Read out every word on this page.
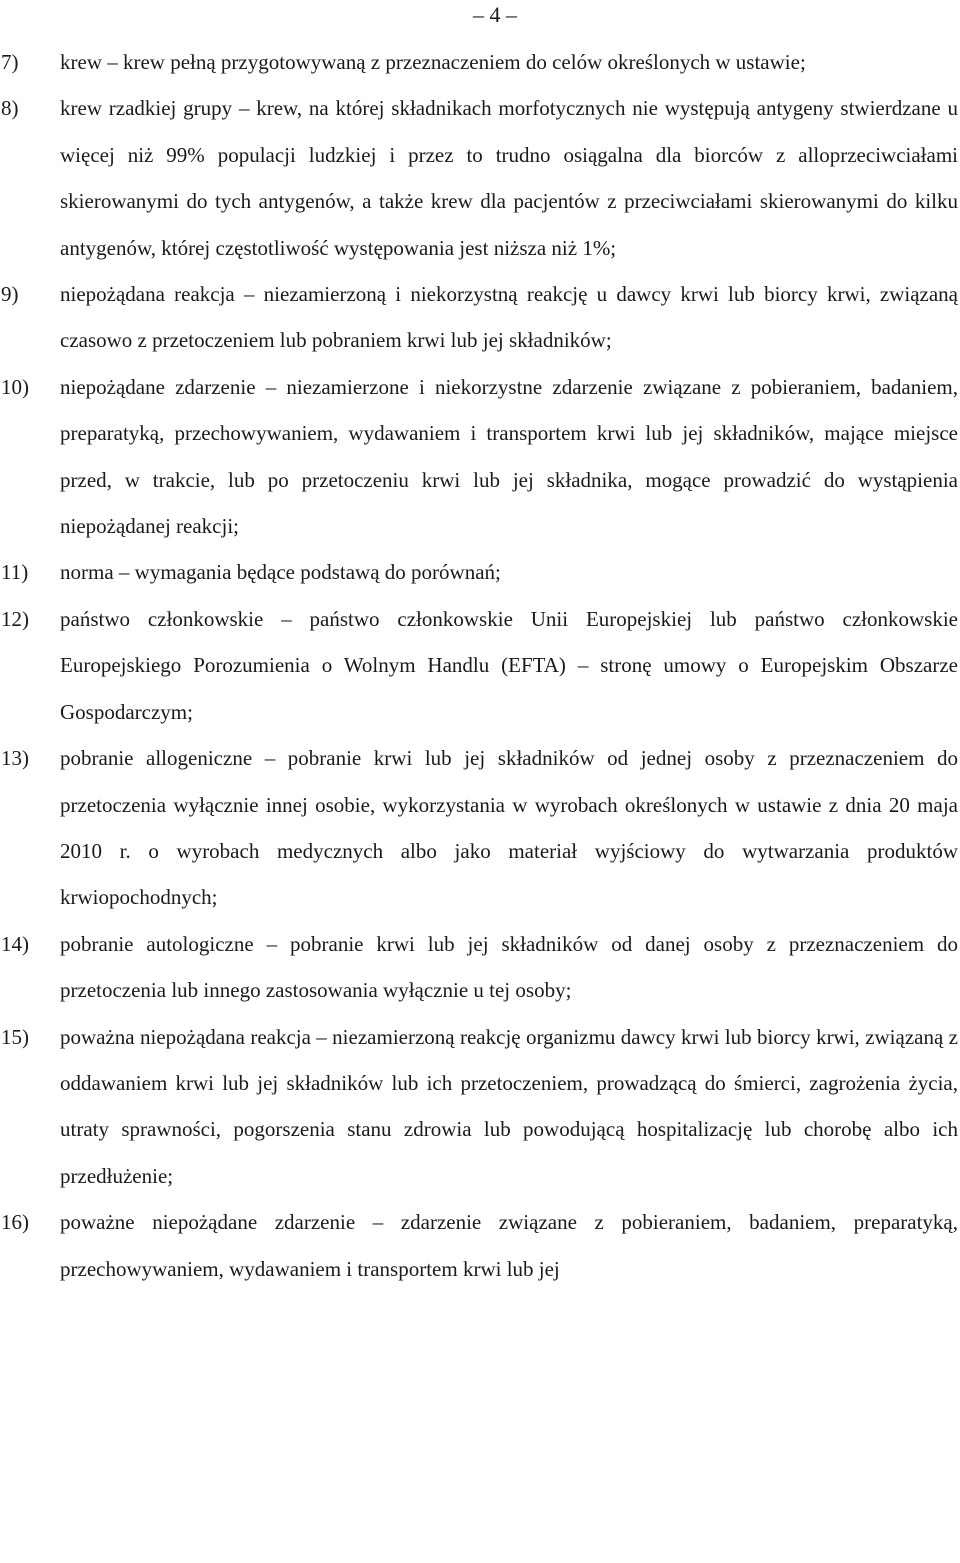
– 4 –
7)	krew – krew pełną przygotowywaną z przeznaczeniem do celów określonych w ustawie;
8)	krew rzadkiej grupy – krew, na której składnikach morfotycznych nie występują antygeny stwierdzane u więcej niż 99% populacji ludzkiej i przez to trudno osiągalna dla biorców z alloprzeciwciałami skierowanymi do tych antygenów, a także krew dla pacjentów z przeciwciałami skierowanymi do kilku antygenów, której częstotliwość występowania jest niższa niż 1%;
9)	niepożądana reakcja – niezamierzoną i niekorzystną reakcję u dawcy krwi lub biorcy krwi, związaną czasowo z przetoczeniem lub pobraniem krwi lub jej składników;
10)	niepożądane zdarzenie – niezamierzone i niekorzystne zdarzenie związane z pobieraniem, badaniem, preparatyką, przechowywaniem, wydawaniem i transportem krwi lub jej składników, mające miejsce przed, w trakcie, lub po przetoczeniu krwi lub jej składnika, mogące prowadzić do wystąpienia niepożądanej reakcji;
11)	norma – wymagania będące podstawą do porównań;
12)	państwo członkowskie – państwo członkowskie Unii Europejskiej lub państwo członkowskie Europejskiego Porozumienia o Wolnym Handlu (EFTA) – stronę umowy o Europejskim Obszarze Gospodarczym;
13)	pobranie allogeniczne – pobranie krwi lub jej składników od jednej osoby z przeznaczeniem do przetoczenia wyłącznie innej osobie, wykorzystania w wyrobach określonych w ustawie z dnia 20 maja 2010 r. o wyrobach medycznych albo jako materiał wyjściowy do wytwarzania produktów krwiopochodnych;
14)	pobranie autologiczne – pobranie krwi lub jej składników od danej osoby z przeznaczeniem do przetoczenia lub innego zastosowania wyłącznie u tej osoby;
15)	poważna niepożądana reakcja – niezamierzoną reakcję organizmu dawcy krwi lub biorcy krwi, związaną z oddawaniem krwi lub jej składników lub ich przetoczeniem, prowadzącą do śmierci, zagrożenia życia, utraty sprawności, pogorszenia stanu zdrowia lub powodującą hospitalizację lub chorobę albo ich przedłużenie;
16)	poważne niepożądane zdarzenie – zdarzenie związane z pobieraniem, badaniem, preparatyką, przechowywaniem, wydawaniem i transportem krwi lub jej
